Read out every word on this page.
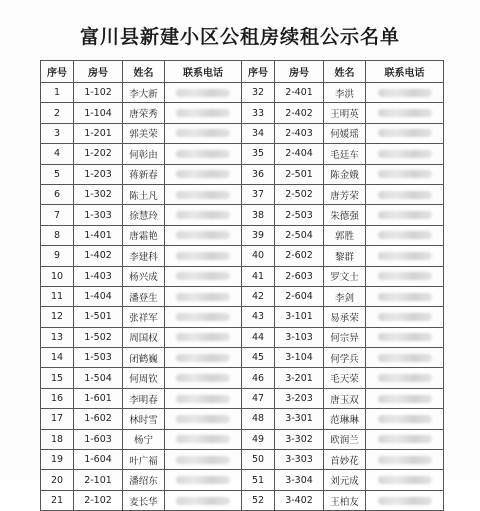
富川县新建小区公租房续租公示名单
序号	房号	姓名	联系电话	序号	房号	姓名	联系电话
1	1-102	李大新		32	2-401	李洪	
2	1-104	唐荣秀		33	2-402	王明英	
3	1-201	郭美荣		34	2-403	何媛瑶	
4	1-202	何彰由		35	2-404	毛廷车	
5	1-203	蒋新春		36	2-501	陈金娥	
6	1-302	陈土凡		37	2-502	唐芳荣	
7	1-303	徐慧玲		38	2-503	朱德强	
8	1-401	唐霜艳		39	2-504	郭胜	
9	1-402	李建科		40	2-602	黎群	
10	1-403	杨兴成		41	2-603	罗文士	
11	1-404	潘登生		42	2-604	李剑	
12	1-501	张祥军		43	3-101	易承荣	
13	1-502	周国权		44	3-103	何宗异	
14	1-503	闭鹤巍		45	3-104	何学兵	
15	1-504	何周钦		46	3-201	毛天荣	
16	1-601	李明春		47	3-203	唐玉双	
17	1-602	林时雪		48	3-301	范琳琳	
18	1-603	杨宁		49	3-302	欧润兰	
19	1-604	叶广福		50	3-303	首妙花	
20	2-101	潘绍东		51	3-304	刘元成	
21	2-102	麦长华		52	3-402	王柏友	
